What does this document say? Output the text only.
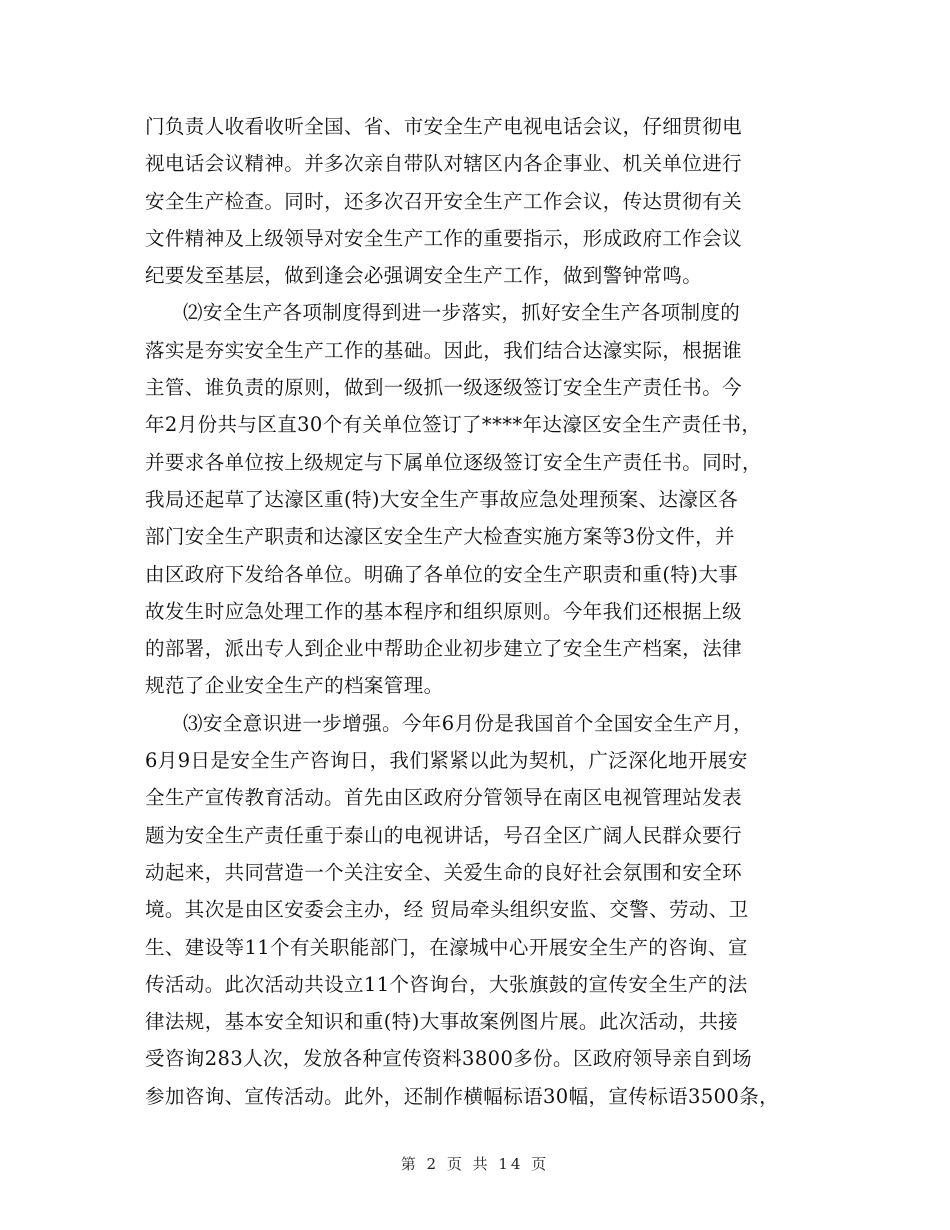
门负责人收看收听全国、省、市安全生产电视电话会议，仔细贯彻电
视电话会议精神。并多次亲自带队对辖区内各企事业、机关单位进行
安全生产检查。同时，还多次召开安全生产工作会议，传达贯彻有关
文件精神及上级领导对安全生产工作的重要指示，形成政府工作会议
纪要发至基层，做到逢会必强调安全生产工作，做到警钟常鸣。
⑵安全生产各项制度得到进一步落实，抓好安全生产各项制度的
落实是夯实安全生产工作的基础。因此，我们结合达濠实际，根据谁
主管、谁负责的原则，做到一级抓一级逐级签订安全生产责任书。今
年2月份共与区直30个有关单位签订了****年达濠区安全生产责任书，
并要求各单位按上级规定与下属单位逐级签订安全生产责任书。同时，
我局还起草了达濠区重(特)大安全生产事故应急处理预案、达濠区各
部门安全生产职责和达濠区安全生产大检查实施方案等3份文件，并
由区政府下发给各单位。明确了各单位的安全生产职责和重(特)大事
故发生时应急处理工作的基本程序和组织原则。今年我们还根据上级
的部署，派出专人到企业中帮助企业初步建立了安全生产档案，法律
规范了企业安全生产的档案管理。
⑶安全意识进一步增强。今年6月份是我国首个全国安全生产月，
6月9日是安全生产咨询日，我们紧紧以此为契机，广泛深化地开展安
全生产宣传教育活动。首先由区政府分管领导在南区电视管理站发表
题为安全生产责任重于泰山的电视讲话，号召全区广阔人民群众要行
动起来，共同营造一个关注安全、关爱生命的良好社会氛围和安全环
境。其次是由区安委会主办，经 贸局牵头组织安监、交警、劳动、卫
生、建设等11个有关职能部门，在濠城中心开展安全生产的咨询、宣
传活动。此次活动共设立11个咨询台，大张旗鼓的宣传安全生产的法
律法规，基本安全知识和重(特)大事故案例图片展。此次活动，共接
受咨询283人次，发放各种宣传资料3800多份。区政府领导亲自到场
参加咨询、宣传活动。此外，还制作横幅标语30幅，宣传标语3500条，
第 2 页 共 14 页
